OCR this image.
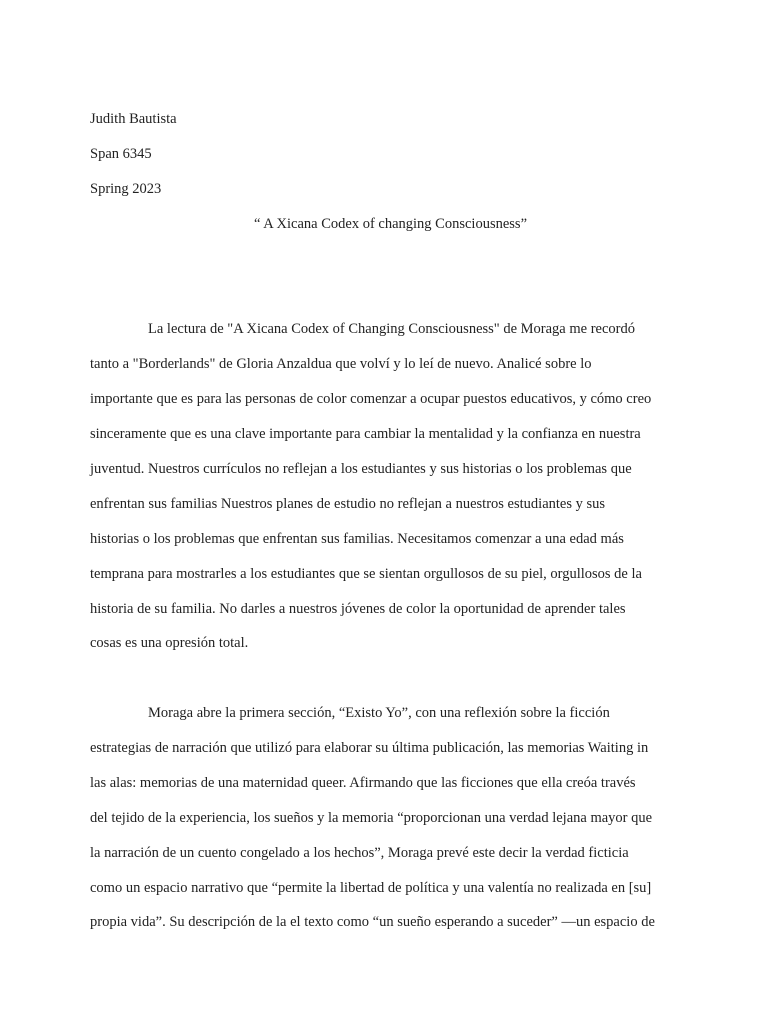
Judith Bautista
Span 6345
Spring 2023
“ A Xicana Codex of changing Consciousness”
La lectura de "A Xicana Codex of Changing Consciousness" de Moraga me recordó
tanto a "Borderlands" de Gloria Anzaldua que volví y lo leí de nuevo. Analicé sobre lo
importante que es para las personas de color comenzar a ocupar puestos educativos, y cómo creo
sinceramente que es una clave importante para cambiar la mentalidad y la confianza en nuestra
juventud. Nuestros currículos no reflejan a los estudiantes y sus historias o los problemas que
enfrentan sus familias Nuestros planes de estudio no reflejan a nuestros estudiantes y sus
historias o los problemas que enfrentan sus familias. Necesitamos comenzar a una edad más
temprana para mostrarles a los estudiantes que se sientan orgullosos de su piel, orgullosos de la
historia de su familia. No darles a nuestros jóvenes de color la oportunidad de aprender tales
cosas es una opresión total.
Moraga abre la primera sección, “Existo Yo”, con una reflexión sobre la ficción
estrategias de narración que utilizó para elaborar su última publicación, las memorias Waiting in
las alas: memorias de una maternidad queer. Afirmando que las ficciones que ella creóa través
del tejido de la experiencia, los sueños y la memoria “proporcionan una verdad lejana mayor que
la narración de un cuento congelado a los hechos”, Moraga prevé este decir la verdad ficticia
como un espacio narrativo que “permite la libertad de política y una valentía no realizada en [su]
propia vida”. Su descripción de la el texto como “un sueño esperando a suceder” —un espacio de
